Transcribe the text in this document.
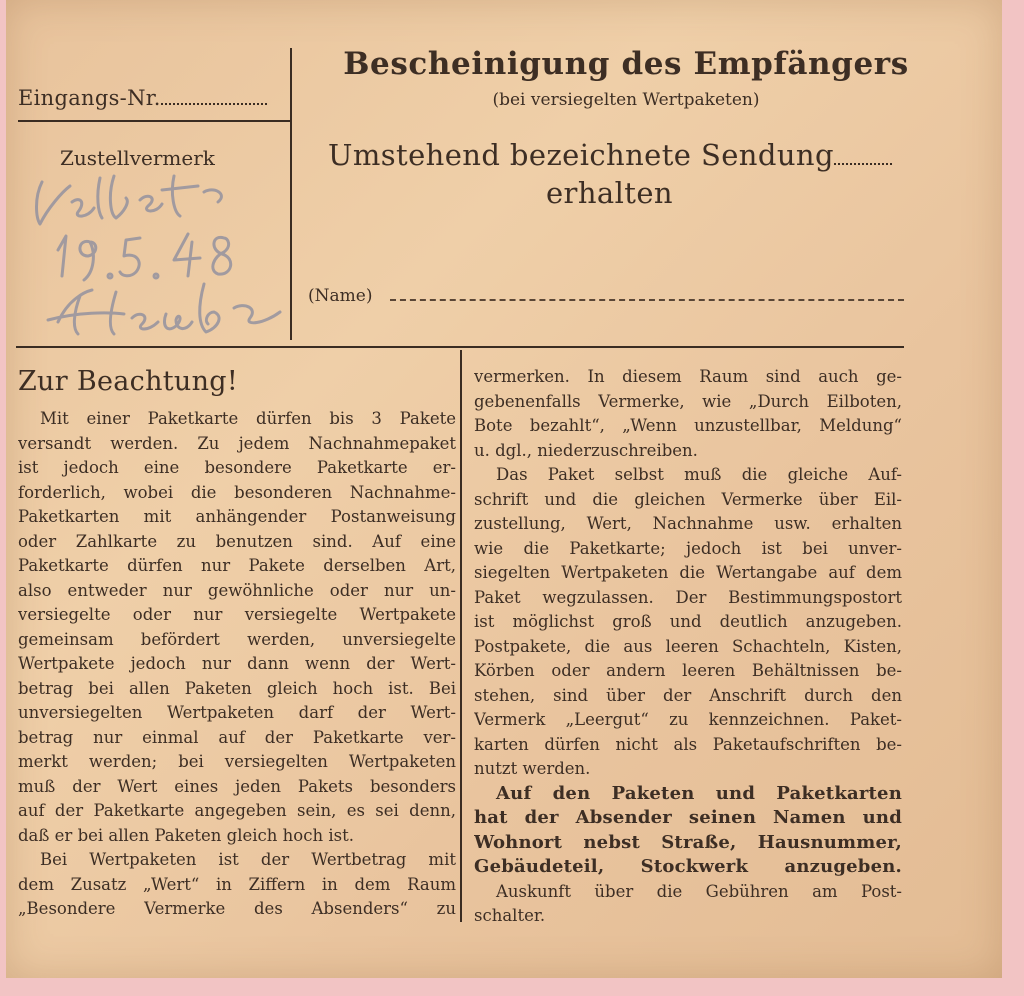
Eingangs-Nr.
Zustellvermerk
Bescheinigung des Empfängers
(bei versiegelten Wertpaketen)
Umstehend bezeichnete Sendung
erhalten
(Name)
Zur Beachtung!
Mit einer Paketkarte dürfen bis 3 Pakete
versandt werden. Zu jedem Nachnahmepaket
ist jedoch eine besondere Paketkarte er-
forderlich, wobei die besonderen Nachnahme-
Paketkarten mit anhängender Postanweisung
oder Zahlkarte zu benutzen sind. Auf eine
Paketkarte dürfen nur Pakete derselben Art,
also entweder nur gewöhnliche oder nur un-
versiegelte oder nur versiegelte Wertpakete
gemeinsam befördert werden, unversiegelte
Wertpakete jedoch nur dann wenn der Wert-
betrag bei allen Paketen gleich hoch ist. Bei
unversiegelten Wertpaketen darf der Wert-
betrag nur einmal auf der Paketkarte ver-
merkt werden; bei versiegelten Wertpaketen
muß der Wert eines jeden Pakets besonders
auf der Paketkarte angegeben sein, es sei denn,
daß er bei allen Paketen gleich hoch ist.
Bei Wertpaketen ist der Wertbetrag mit
dem Zusatz „Wert“ in Ziffern in dem Raum
„Besondere Vermerke des Absenders“ zu
vermerken. In diesem Raum sind auch ge-
gebenenfalls Vermerke, wie „Durch Eilboten,
Bote bezahlt“, „Wenn unzustellbar, Meldung“
u. dgl., niederzuschreiben.
Das Paket selbst muß die gleiche Auf-
schrift und die gleichen Vermerke über Eil-
zustellung, Wert, Nachnahme usw. erhalten
wie die Paketkarte; jedoch ist bei unver-
siegelten Wertpaketen die Wertangabe auf dem
Paket wegzulassen. Der Bestimmungspostort
ist möglichst groß und deutlich anzugeben.
Postpakete, die aus leeren Schachteln, Kisten,
Körben oder andern leeren Behältnissen be-
stehen, sind über der Anschrift durch den
Vermerk „Leergut“ zu kennzeichnen. Paket-
karten dürfen nicht als Paketaufschriften be-
nutzt werden.
Auf den Paketen und Paketkarten
hat der Absender seinen Namen und
Wohnort nebst Straße, Hausnummer,
Gebäudeteil, Stockwerk anzugeben.
Auskunft über die Gebühren am Post-
schalter.
